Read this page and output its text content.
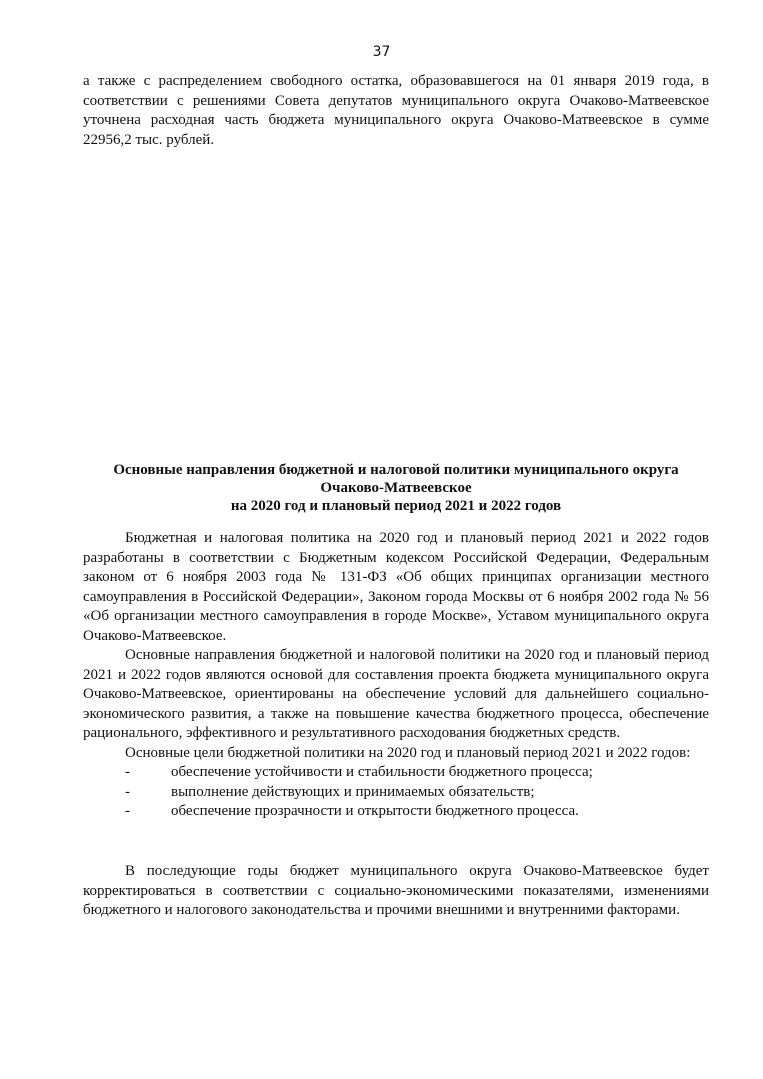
37

а также с распределением свободного остатка, образовавшегося на 01 января 2019 года, в соответствии с решениями Совета депутатов муниципального округа Очаково-Матвеевское уточнена расходная часть бюджета муниципального округа Очаково-Матвеевское в сумме 22956,2 тыс. рублей.

Основные направления бюджетной и налоговой политики муниципального округа
Очаково-Матвеевское
на 2020 год и плановый период 2021 и 2022 годов

Бюджетная и налоговая политика на 2020 год и плановый период 2021 и 2022 годов разработаны в соответствии с Бюджетным кодексом Российской Федерации, Федеральным законом от 6 ноября 2003 года № 131-ФЗ «Об общих принципах организации местного самоуправления в Российской Федерации», Законом города Москвы от 6 ноября 2002 года № 56 «Об организации местного самоуправления в городе Москве», Уставом муниципального округа Очаково-Матвеевское.

Основные направления бюджетной и налоговой политики на 2020 год и плановый период 2021 и 2022 годов являются основой для составления проекта бюджета муниципального округа Очаково-Матвеевское, ориентированы на обеспечение условий для дальнейшего социально-экономического развития, а также на повышение качества бюджетного процесса, обеспечение рационального, эффективного и результативного расходования бюджетных средств.

Основные цели бюджетной политики на 2020 год и плановый период 2021 и 2022 годов:

-	обеспечение устойчивости и стабильности бюджетного процесса;
-	выполнение действующих и принимаемых обязательств;
-	обеспечение прозрачности и открытости бюджетного процесса.

В последующие годы бюджет муниципального округа Очаково-Матвеевское будет корректироваться в соответствии с социально-экономическими показателями, изменениями бюджетного и налогового законодательства и прочими внешними и внутренними факторами.
